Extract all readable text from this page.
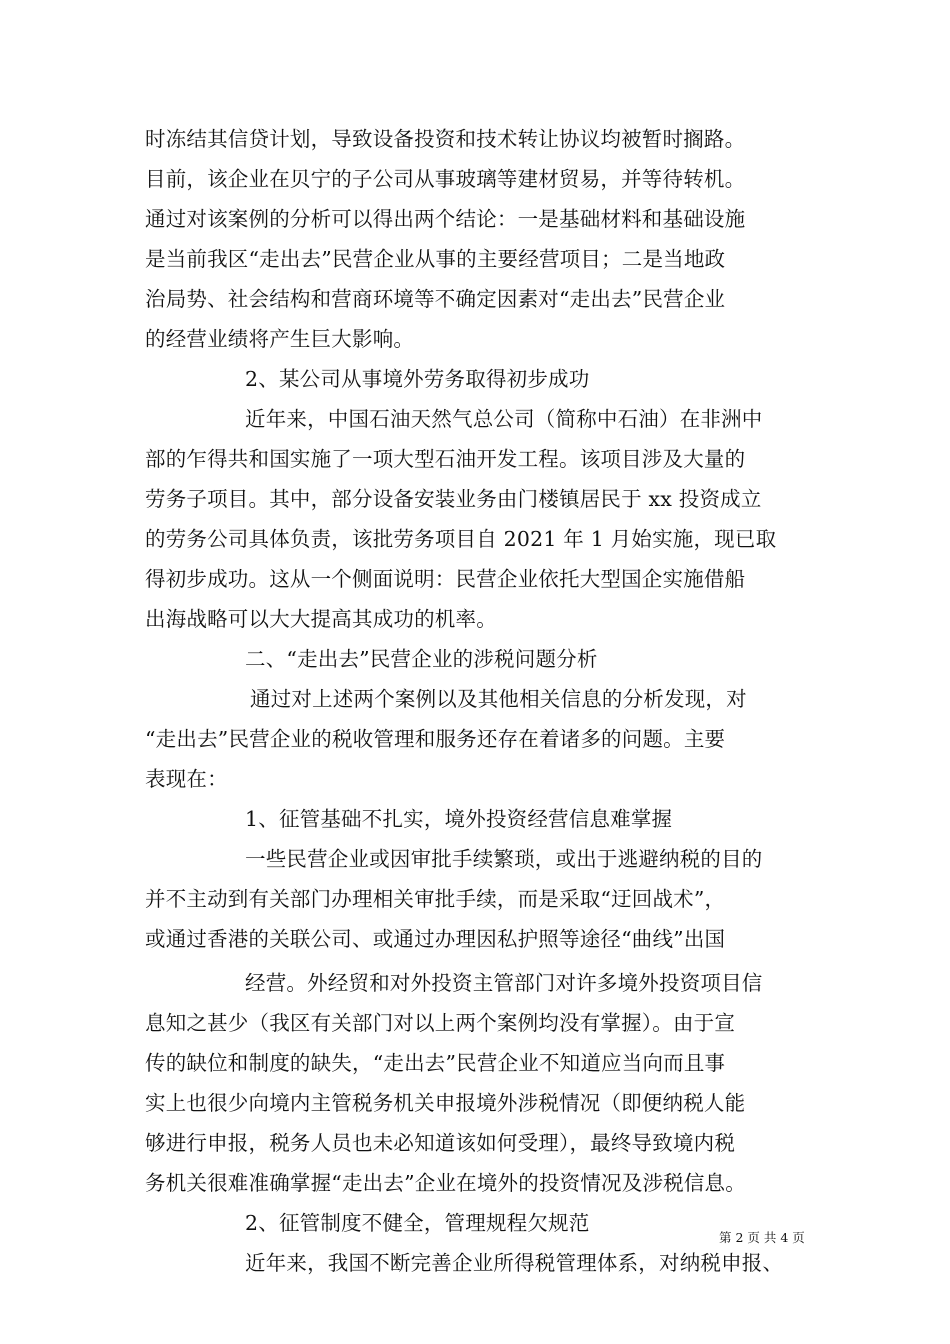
时冻结其信贷计划，导致设备投资和技术转让协议均被暂时搁路。
目前，该企业在贝宁的子公司从事玻璃等建材贸易，并等待转机。
通过对该案例的分析可以得出两个结论：一是基础材料和基础设施
是当前我区“走出去”民营企业从事的主要经营项目；二是当地政
治局势、社会结构和营商环境等不确定因素对“走出去”民营企业
的经营业绩将产生巨大影响。
2、某公司从事境外劳务取得初步成功
近年来，中国石油天然气总公司（简称中石油）在非洲中
部的乍得共和国实施了一项大型石油开发工程。该项目涉及大量的
劳务子项目。其中，部分设备安装业务由门楼镇居民于 xx 投资成立
的劳务公司具体负责，该批劳务项目自 2021 年 1 月始实施，现已取
得初步成功。这从一个侧面说明：民营企业依托大型国企实施借船
出海战略可以大大提高其成功的机率。
二、“走出去”民营企业的涉税问题分析
通过对上述两个案例以及其他相关信息的分析发现，对
“走出去”民营企业的税收管理和服务还存在着诸多的问题。主要
表现在：
1、征管基础不扎实，境外投资经营信息难掌握
一些民营企业或因审批手续繁琐，或出于逃避纳税的目的
并不主动到有关部门办理相关审批手续，而是采取“迂回战术”，
或通过香港的关联公司、或通过办理因私护照等途径“曲线”出国
经营。外经贸和对外投资主管部门对许多境外投资项目信
息知之甚少（我区有关部门对以上两个案例均没有掌握）。由于宣
传的缺位和制度的缺失，“走出去”民营企业不知道应当向而且事
实上也很少向境内主管税务机关申报境外涉税情况（即便纳税人能
够进行申报，税务人员也未必知道该如何受理），最终导致境内税
务机关很难准确掌握“走出去”企业在境外的投资情况及涉税信息。
2、征管制度不健全，管理规程欠规范
近年来，我国不断完善企业所得税管理体系，对纳税申报、
第 2 页 共 4 页
